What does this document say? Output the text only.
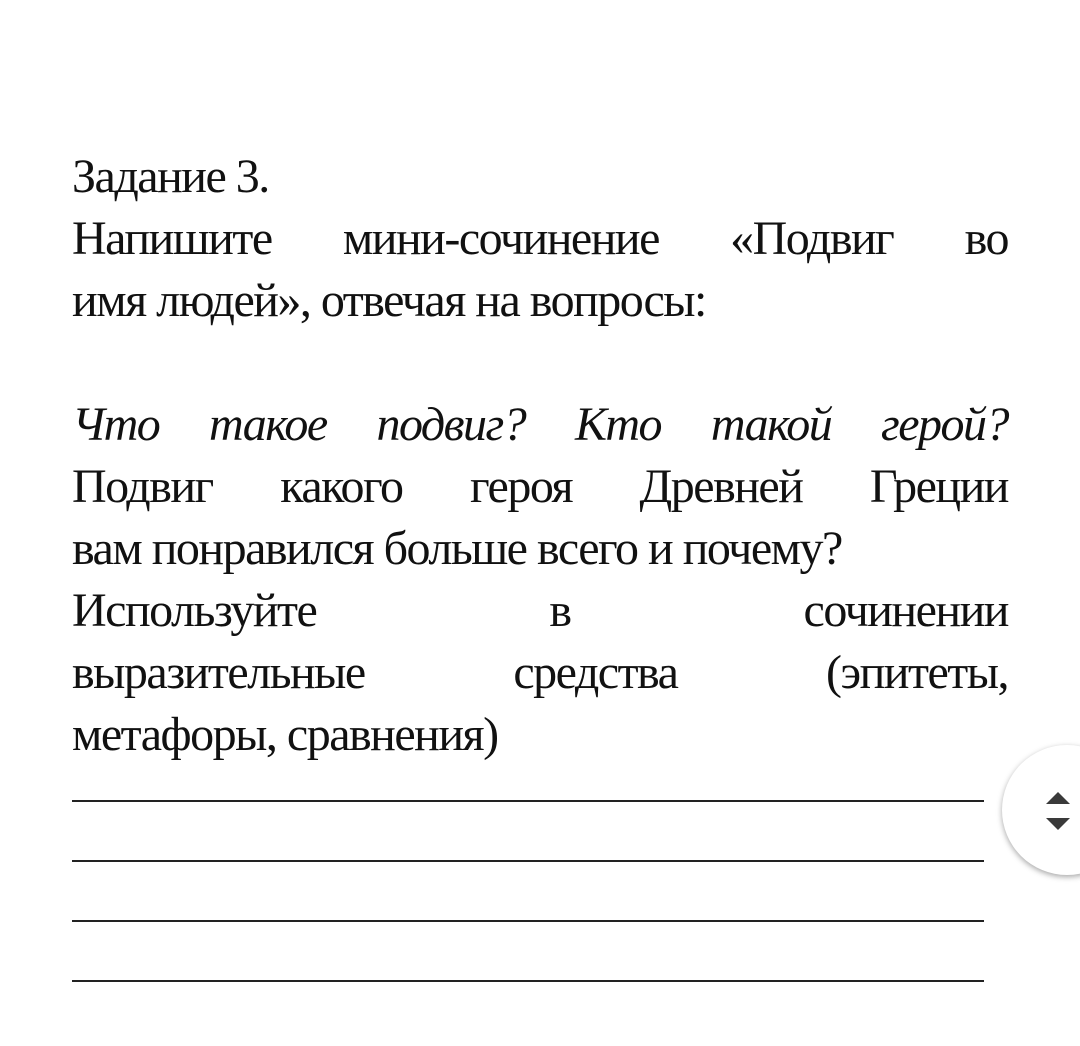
Задание 3.
Напишите мини-сочинение «Подвиг во
имя людей», отвечая на вопросы:
Что такое подвиг? Кто такой герой?
Подвиг какого героя Древней Греции
вам понравился больше всего и почему?
Используйте	в	сочинении
выразительные	средства	(эпитеты,
метафоры, сравнения)
